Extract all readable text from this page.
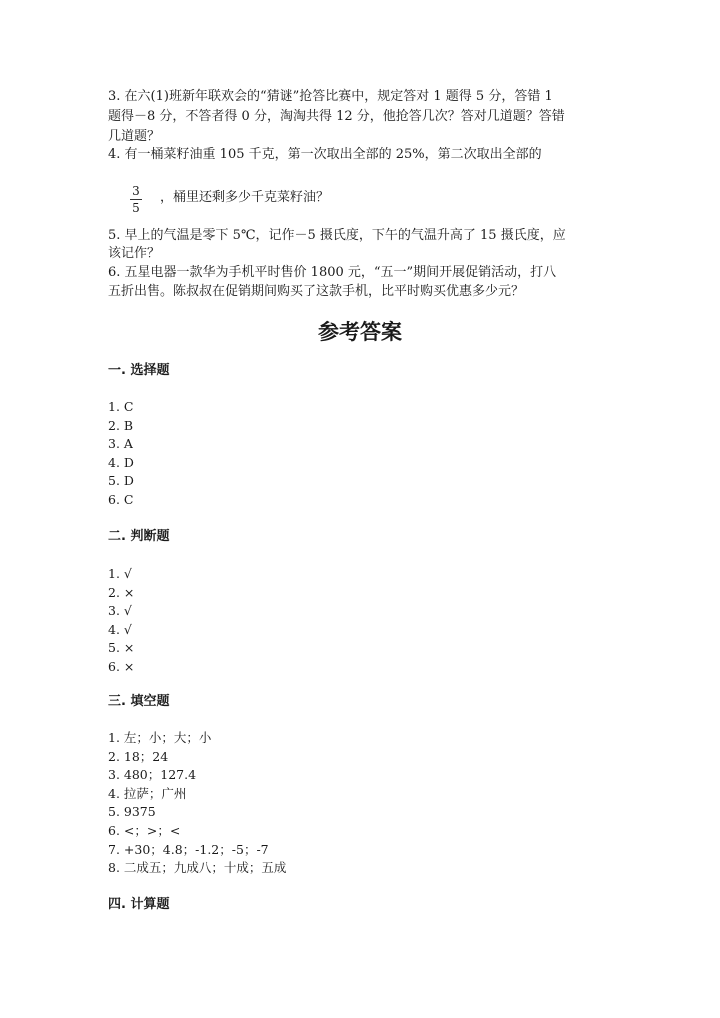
3. 在六(1)班新年联欢会的“猜谜”抢答比赛中，规定答对 1 题得 5 分，答错 1
题得－8 分，不答者得 0 分，淘淘共得 12 分，他抢答几次？答对几道题？答错
几道题？
4. 有一桶菜籽油重 105 千克，第一次取出全部的 25%，第二次取出全部的
3
5
，桶里还剩多少千克菜籽油？
5. 早上的气温是零下 5℃，记作－5 摄氏度，下午的气温升高了 15 摄氏度，应
该记作？
6. 五星电器一款华为手机平时售价 1800 元，“五一”期间开展促销活动，打八
五折出售。陈叔叔在促销期间购买了这款手机，比平时购买优惠多少元？
参考答案
一. 选择题
1. C
2. B
3. A
4. D
5. D
6. C
二. 判断题
1. √
2. ×
3. √
4. √
5. ×
6. ×
三. 填空题
1. 左；小；大；小
2. 18；24
3. 480；127.4
4. 拉萨；广州
5. 9375
6. <；>；<
7. +30；4.8；-1.2；-5；-7
8. 二成五；九成八；十成；五成
四. 计算题
